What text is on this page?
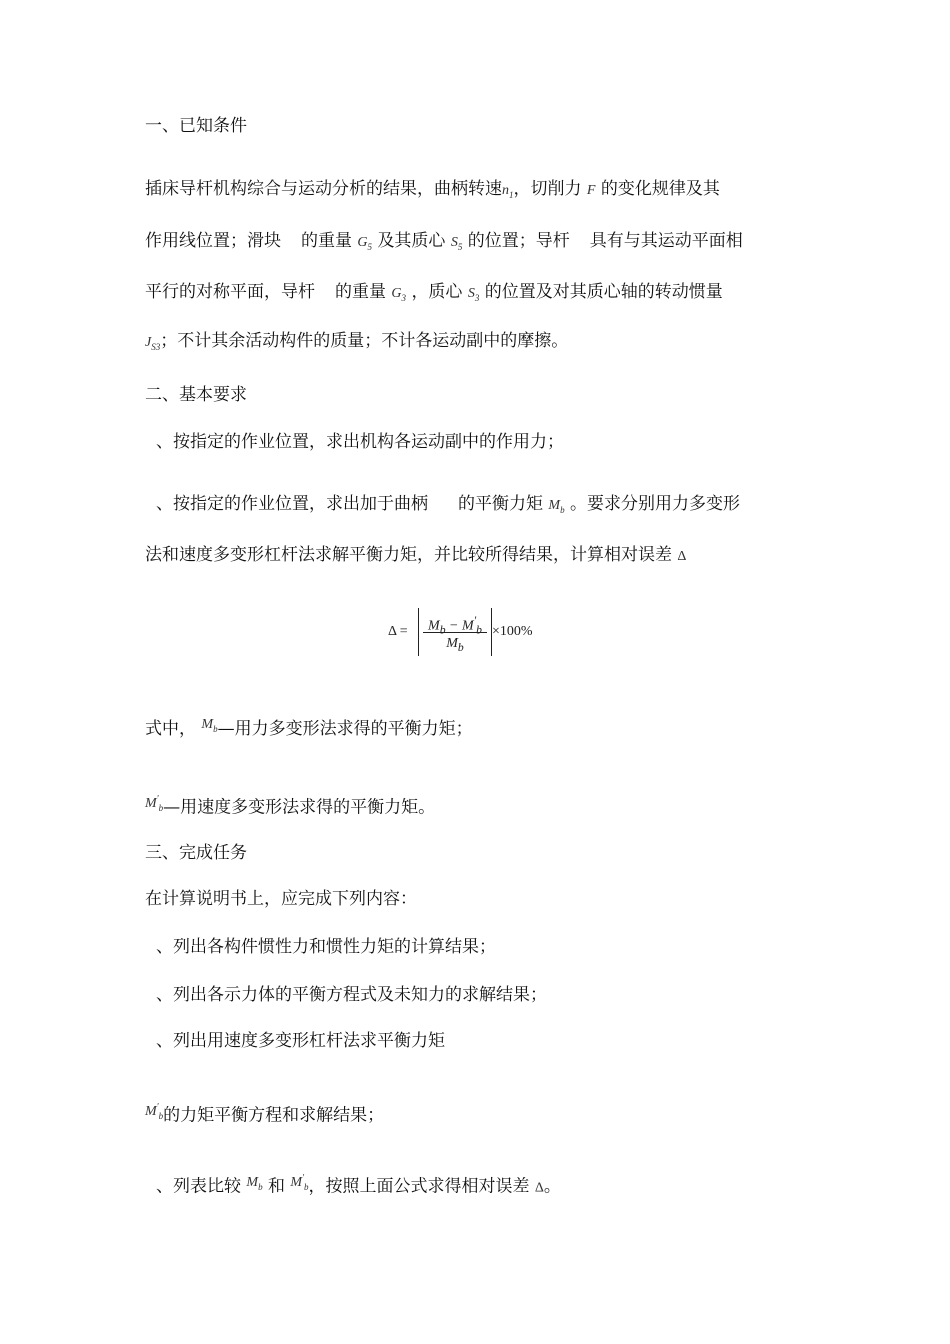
一、已知条件
插床导杆机构综合与运动分析的结果，曲柄转速$n_1$，切削力 F 的变化规律及其
作用线位置；滑块 的重量 $G_5$ 及其质心 $S_5$ 的位置；导杆 具有与其运动平面相
平行的对称平面，导杆 的重量 $G_3$ ，质心 $S_3$ 的位置及对其质心轴的转动惯量
$J_{S3}$；不计其余活动构件的质量；不计各运动副中的摩擦。
二、基本要求
、按指定的作业位置，求出机构各运动副中的作用力；
、按指定的作业位置，求出加于曲柄 的平衡力矩 $M_b$ 。要求分别用力多变形
法和速度多变形杠杆法求解平衡力矩，并比较所得结果，计算相对误差 Δ
Δ =	$M_b - M'_b$
$M_b$
×100%
式中， $^{M_b}$—用力多变形法求得的平衡力矩；
$^{M'_b}$—用速度多变形法求得的平衡力矩。
三、完成任务
在计算说明书上，应完成下列内容：
、列出各构件惯性力和惯性力矩的计算结果；
、列出各示力体的平衡方程式及未知力的求解结果；
、列出用速度多变形杠杆法求平衡力矩
$^{M'_b}$的力矩平衡方程和求解结果；
、列表比较 $^{M_b}$ 和 $^{M'_b}$，按照上面公式求得相对误差 Δ。
